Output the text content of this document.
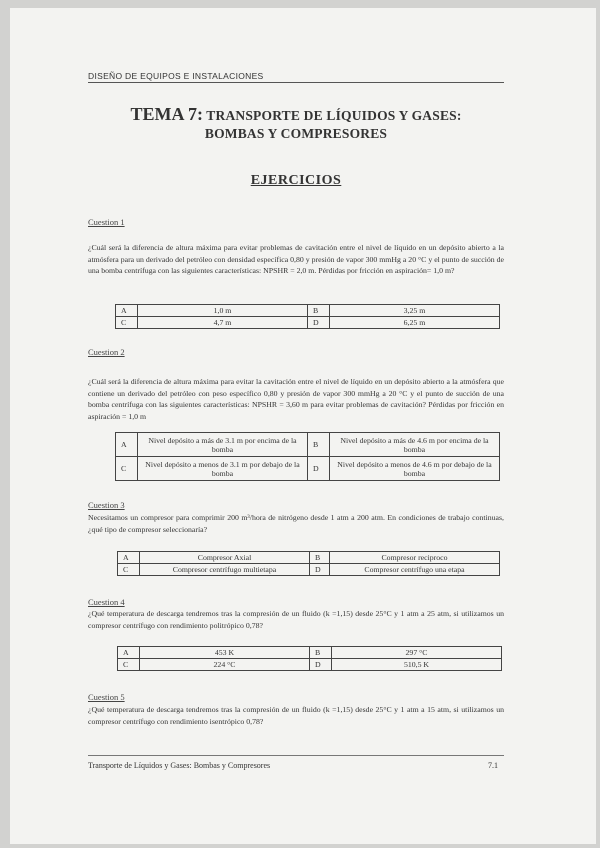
DISEÑO DE EQUIPOS E INSTALACIONES
TEMA 7: TRANSPORTE DE LÍQUIDOS Y GASES:
BOMBAS Y COMPRESORES
EJERCICIOS
Cuestion 1
¿Cuál será la diferencia de altura máxima para evitar problemas de cavitación entre el nivel de líquido en un depósito abierto a la atmósfera para un derivado del petróleo con densidad específica 0,80 y presión de vapor 300 mmHg a 20 °C y el punto de succión de una bomba centrífuga con las siguientes características: NPSHR = 2,0 m. Pérdidas por fricción en aspiración= 1,0 m?
A	1,0 m	B	3,25 m
C	4,7 m	D	6,25 m
Cuestion 2
¿Cuál será la diferencia de altura máxima para evitar la cavitación entre el nivel de líquido en un depósito abierto a la atmósfera que contiene un derivado del petróleo con peso específico 0,80 y presión de vapor 300 mmHg a 20 °C y el punto de succión de una bomba centrífuga con las siguientes características: NPSHR = 3,60 m para evitar problemas de cavitación? Pérdidas por fricción en aspiración = 1,0 m
A	Nivel depósito a más de 3.1 m por encima de la bomba	B	Nivel depósito a más de 4.6 m por encima de la bomba
C	Nivel depósito a menos de 3.1 m por debajo de la bomba	D	Nivel depósito a menos de 4.6 m por debajo de la bomba
Cuestion 3
Necesitamos un compresor para comprimir 200 m³/hora de nitrógeno desde 1 atm a 200 atm. En condiciones de trabajo continuas, ¿qué tipo de compresor seleccionaría?
A	Compresor Axial	B	Compresor reciproco
C	Compresor centrífugo multietapa	D	Compresor centrífugo una etapa
Cuestion 4
¿Qué temperatura de descarga tendremos tras la compresión de un fluido (k =1,15) desde 25°C y 1 atm a 25 atm, si utilizamos un compresor centrífugo con rendimiento politrópico 0,78?
A	453 K	B	297 °C
C	224 °C	D	510,5 K
Cuestion 5
¿Qué temperatura de descarga tendremos tras la compresión de un fluido (k =1,15) desde 25°C y 1 atm a 15 atm, si utilizamos un compresor centrífugo con rendimiento isentrópico 0,78?
Transporte de Líquidos y Gases: Bombas y Compresores	7.1
